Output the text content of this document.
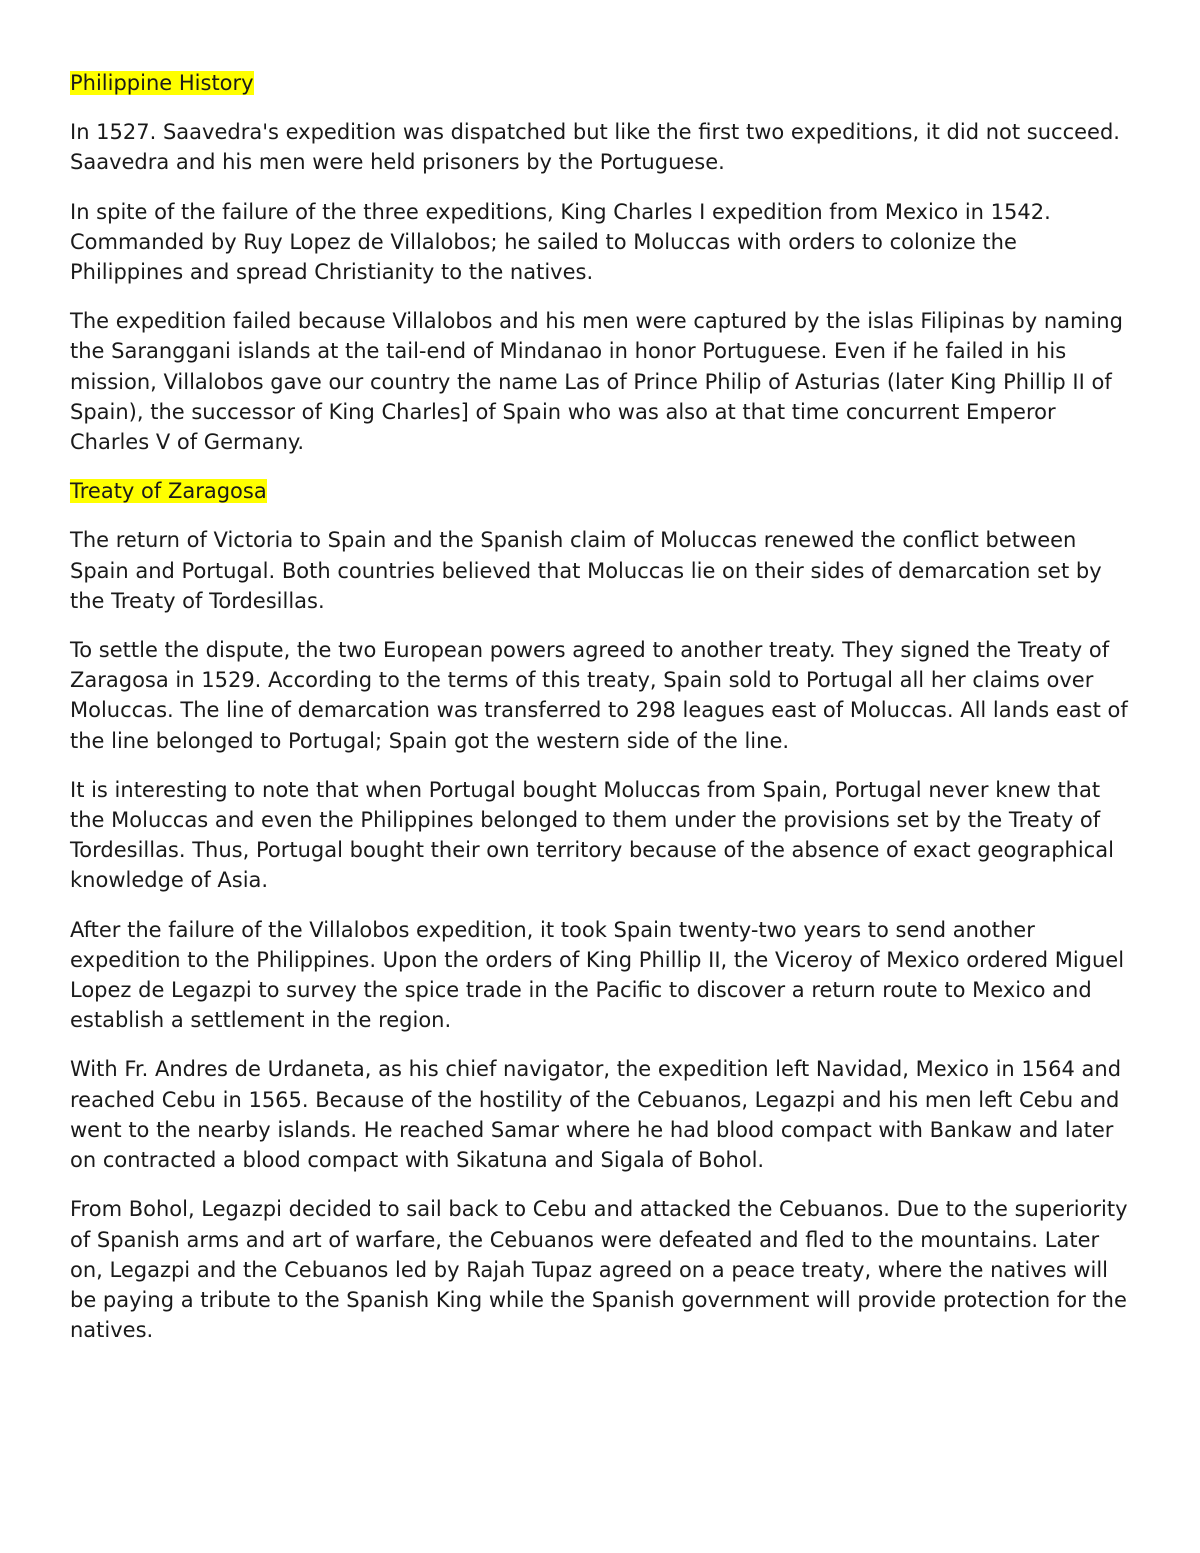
Philippine History

In 1527. Saavedra's expedition was dispatched but like the first two expeditions, it did not succeed. Saavedra and his men were held prisoners by the Portuguese.

In spite of the failure of the three expeditions, King Charles I expedition from Mexico in 1542. Commanded by Ruy Lopez de Villalobos; he sailed to Moluccas with orders to colonize the Philippines and spread Christianity to the natives.

The expedition failed because Villalobos and his men were captured by the islas Filipinas by naming the Saranggani islands at the tail-end of Mindanao in honor Portuguese. Even if he failed in his mission, Villalobos gave our country the name Las of Prince Philip of Asturias (later King Phillip II of Spain), the successor of King Charles] of Spain who was also at that time concurrent Emperor Charles V of Germany.

Treaty of Zaragosa

The return of Victoria to Spain and the Spanish claim of Moluccas renewed the conflict between Spain and Portugal. Both countries believed that Moluccas lie on their sides of demarcation set by the Treaty of Tordesillas.

To settle the dispute, the two European powers agreed to another treaty. They signed the Treaty of Zaragosa in 1529. According to the terms of this treaty, Spain sold to Portugal all her claims over Moluccas. The line of demarcation was transferred to 298 leagues east of Moluccas. All lands east of the line belonged to Portugal; Spain got the western side of the line.

It is interesting to note that when Portugal bought Moluccas from Spain, Portugal never knew that the Moluccas and even the Philippines belonged to them under the provisions set by the Treaty of Tordesillas. Thus, Portugal bought their own territory because of the absence of exact geographical knowledge of Asia.

After the failure of the Villalobos expedition, it took Spain twenty-two years to send another expedition to the Philippines. Upon the orders of King Phillip II, the Viceroy of Mexico ordered Miguel Lopez de Legazpi to survey the spice trade in the Pacific to discover a return route to Mexico and establish a settlement in the region.

With Fr. Andres de Urdaneta, as his chief navigator, the expedition left Navidad, Mexico in 1564 and reached Cebu in 1565. Because of the hostility of the Cebuanos, Legazpi and his men left Cebu and went to the nearby islands. He reached Samar where he had blood compact with Bankaw and later on contracted a blood compact with Sikatuna and Sigala of Bohol.

From Bohol, Legazpi decided to sail back to Cebu and attacked the Cebuanos. Due to the superiority of Spanish arms and art of warfare, the Cebuanos were defeated and fled to the mountains. Later on, Legazpi and the Cebuanos led by Rajah Tupaz agreed on a peace treaty, where the natives will be paying a tribute to the Spanish King while the Spanish government will provide protection for the natives.
